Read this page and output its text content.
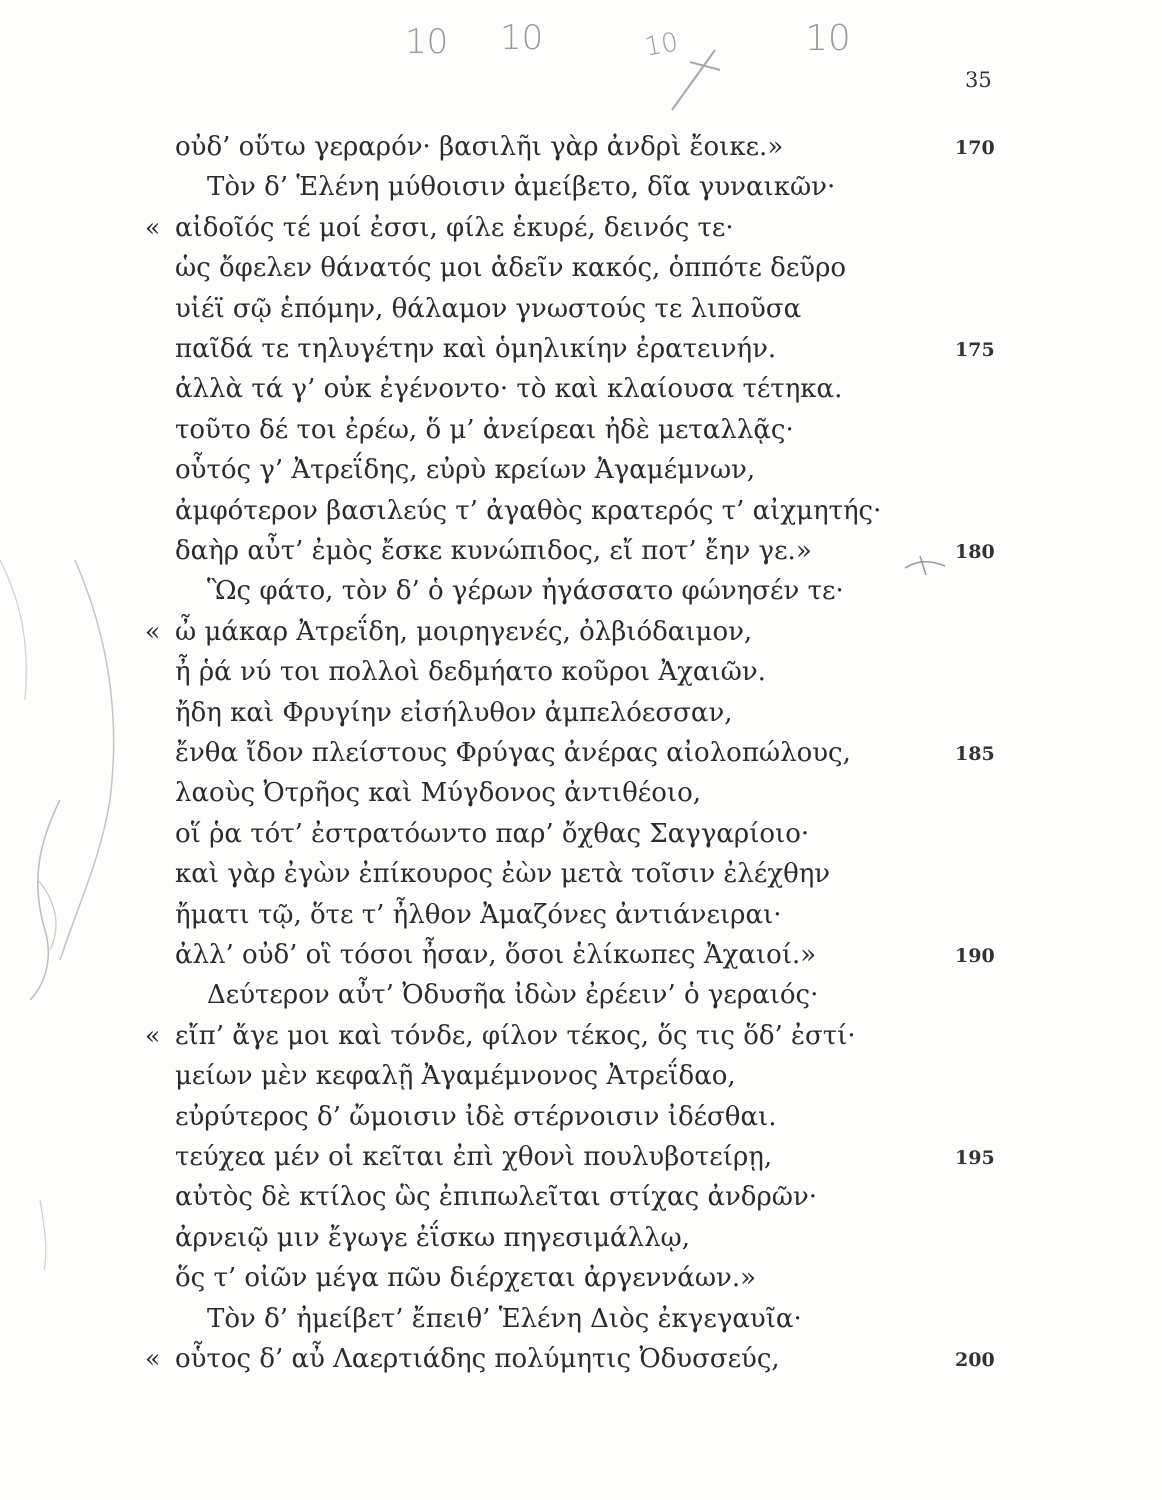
10 10	10	10
35
οὐδ’ οὕτω γεραρόν· βασιλῆι γὰρ ἀνδρὶ ἔοικε.»	170
Τὸν δ’ Ἑλένη μύθοισιν ἀμείβετο, δῖα γυναικῶν·
« αἰδοῖός τέ μοί ἐσσι, φίλε ἑκυρέ, δεινός τε·
ὡς ὄφελεν θάνατός μοι ἁδεῖν κακός, ὁππότε δεῦρο
υἱέϊ σῷ ἑπόμην, θάλαμον γνωστούς τε λιποῦσα
παῖδά τε τηλυγέτην καὶ ὁμηλικίην ἐρατεινήν.	175
ἀλλὰ τά γ’ οὐκ ἐγένοντο· τὸ καὶ κλαίουσα τέτηκα.
τοῦτο δέ τοι ἐρέω, ὅ μ’ ἀνείρεαι ἠδὲ μεταλλᾷς·
οὗτός γ’ Ἀτρεΐδης, εὐρὺ κρείων Ἀγαμέμνων,
ἀμφότερον βασιλεύς τ’ ἀγαθὸς κρατερός τ’ αἰχμητής·
δαὴρ αὖτ’ ἐμὸς ἔσκε κυνώπιδος, εἴ ποτ’ ἔην γε.»	180
Ὣς φάτο, τὸν δ’ ὁ γέρων ἠγάσσατο φώνησέν τε·
« ὦ μάκαρ Ἀτρεΐδη, μοιρηγενές, ὀλβιόδαιμον,
ἦ ῥά νύ τοι πολλοὶ δεδμήατο κοῦροι Ἀχαιῶν.
ἤδη καὶ Φρυγίην εἰσήλυθον ἀμπελόεσσαν,
ἔνθα ἴδον πλείστους Φρύγας ἀνέρας αἰολοπώλους,	185
λαοὺς Ὀτρῆος καὶ Μύγδονος ἀντιθέοιο,
οἵ ῥα τότ’ ἐστρατόωντο παρ’ ὄχθας Σαγγαρίοιο·
καὶ γὰρ ἐγὼν ἐπίκουρος ἐὼν μετὰ τοῖσιν ἐλέχθην
ἤματι τῷ, ὅτε τ’ ἦλθον Ἀμαζόνες ἀντιάνειραι·
ἀλλ’ οὐδ’ οἳ τόσοι ἦσαν, ὅσοι ἑλίκωπες Ἀχαιοί.»	190
Δεύτερον αὖτ’ Ὀδυσῆα ἰδὼν ἐρέειν’ ὁ γεραιός·
« εἴπ’ ἄγε μοι καὶ τόνδε, φίλον τέκος, ὅς τις ὅδ’ ἐστί·
μείων μὲν κεφαλῇ Ἀγαμέμνονος Ἀτρεΐδαο,
εὐρύτερος δ’ ὤμοισιν ἰδὲ στέρνοισιν ἰδέσθαι.
τεύχεα μέν οἱ κεῖται ἐπὶ χθονὶ πουλυβοτείρῃ,	195
αὐτὸς δὲ κτίλος ὣς ἐπιπωλεῖται στίχας ἀνδρῶν·
ἀρνειῷ μιν ἔγωγε ἐΐσκω πηγεσιμάλλῳ,
ὅς τ’ οἰῶν μέγα πῶυ διέρχεται ἀργεννάων.»
Τὸν δ’ ἠμείβετ’ ἔπειθ’ Ἑλένη Διὸς ἐκγεγαυῖα·
« οὗτος δ’ αὖ Λαερτιάδης πολύμητις Ὀδυσσεύς,	200
